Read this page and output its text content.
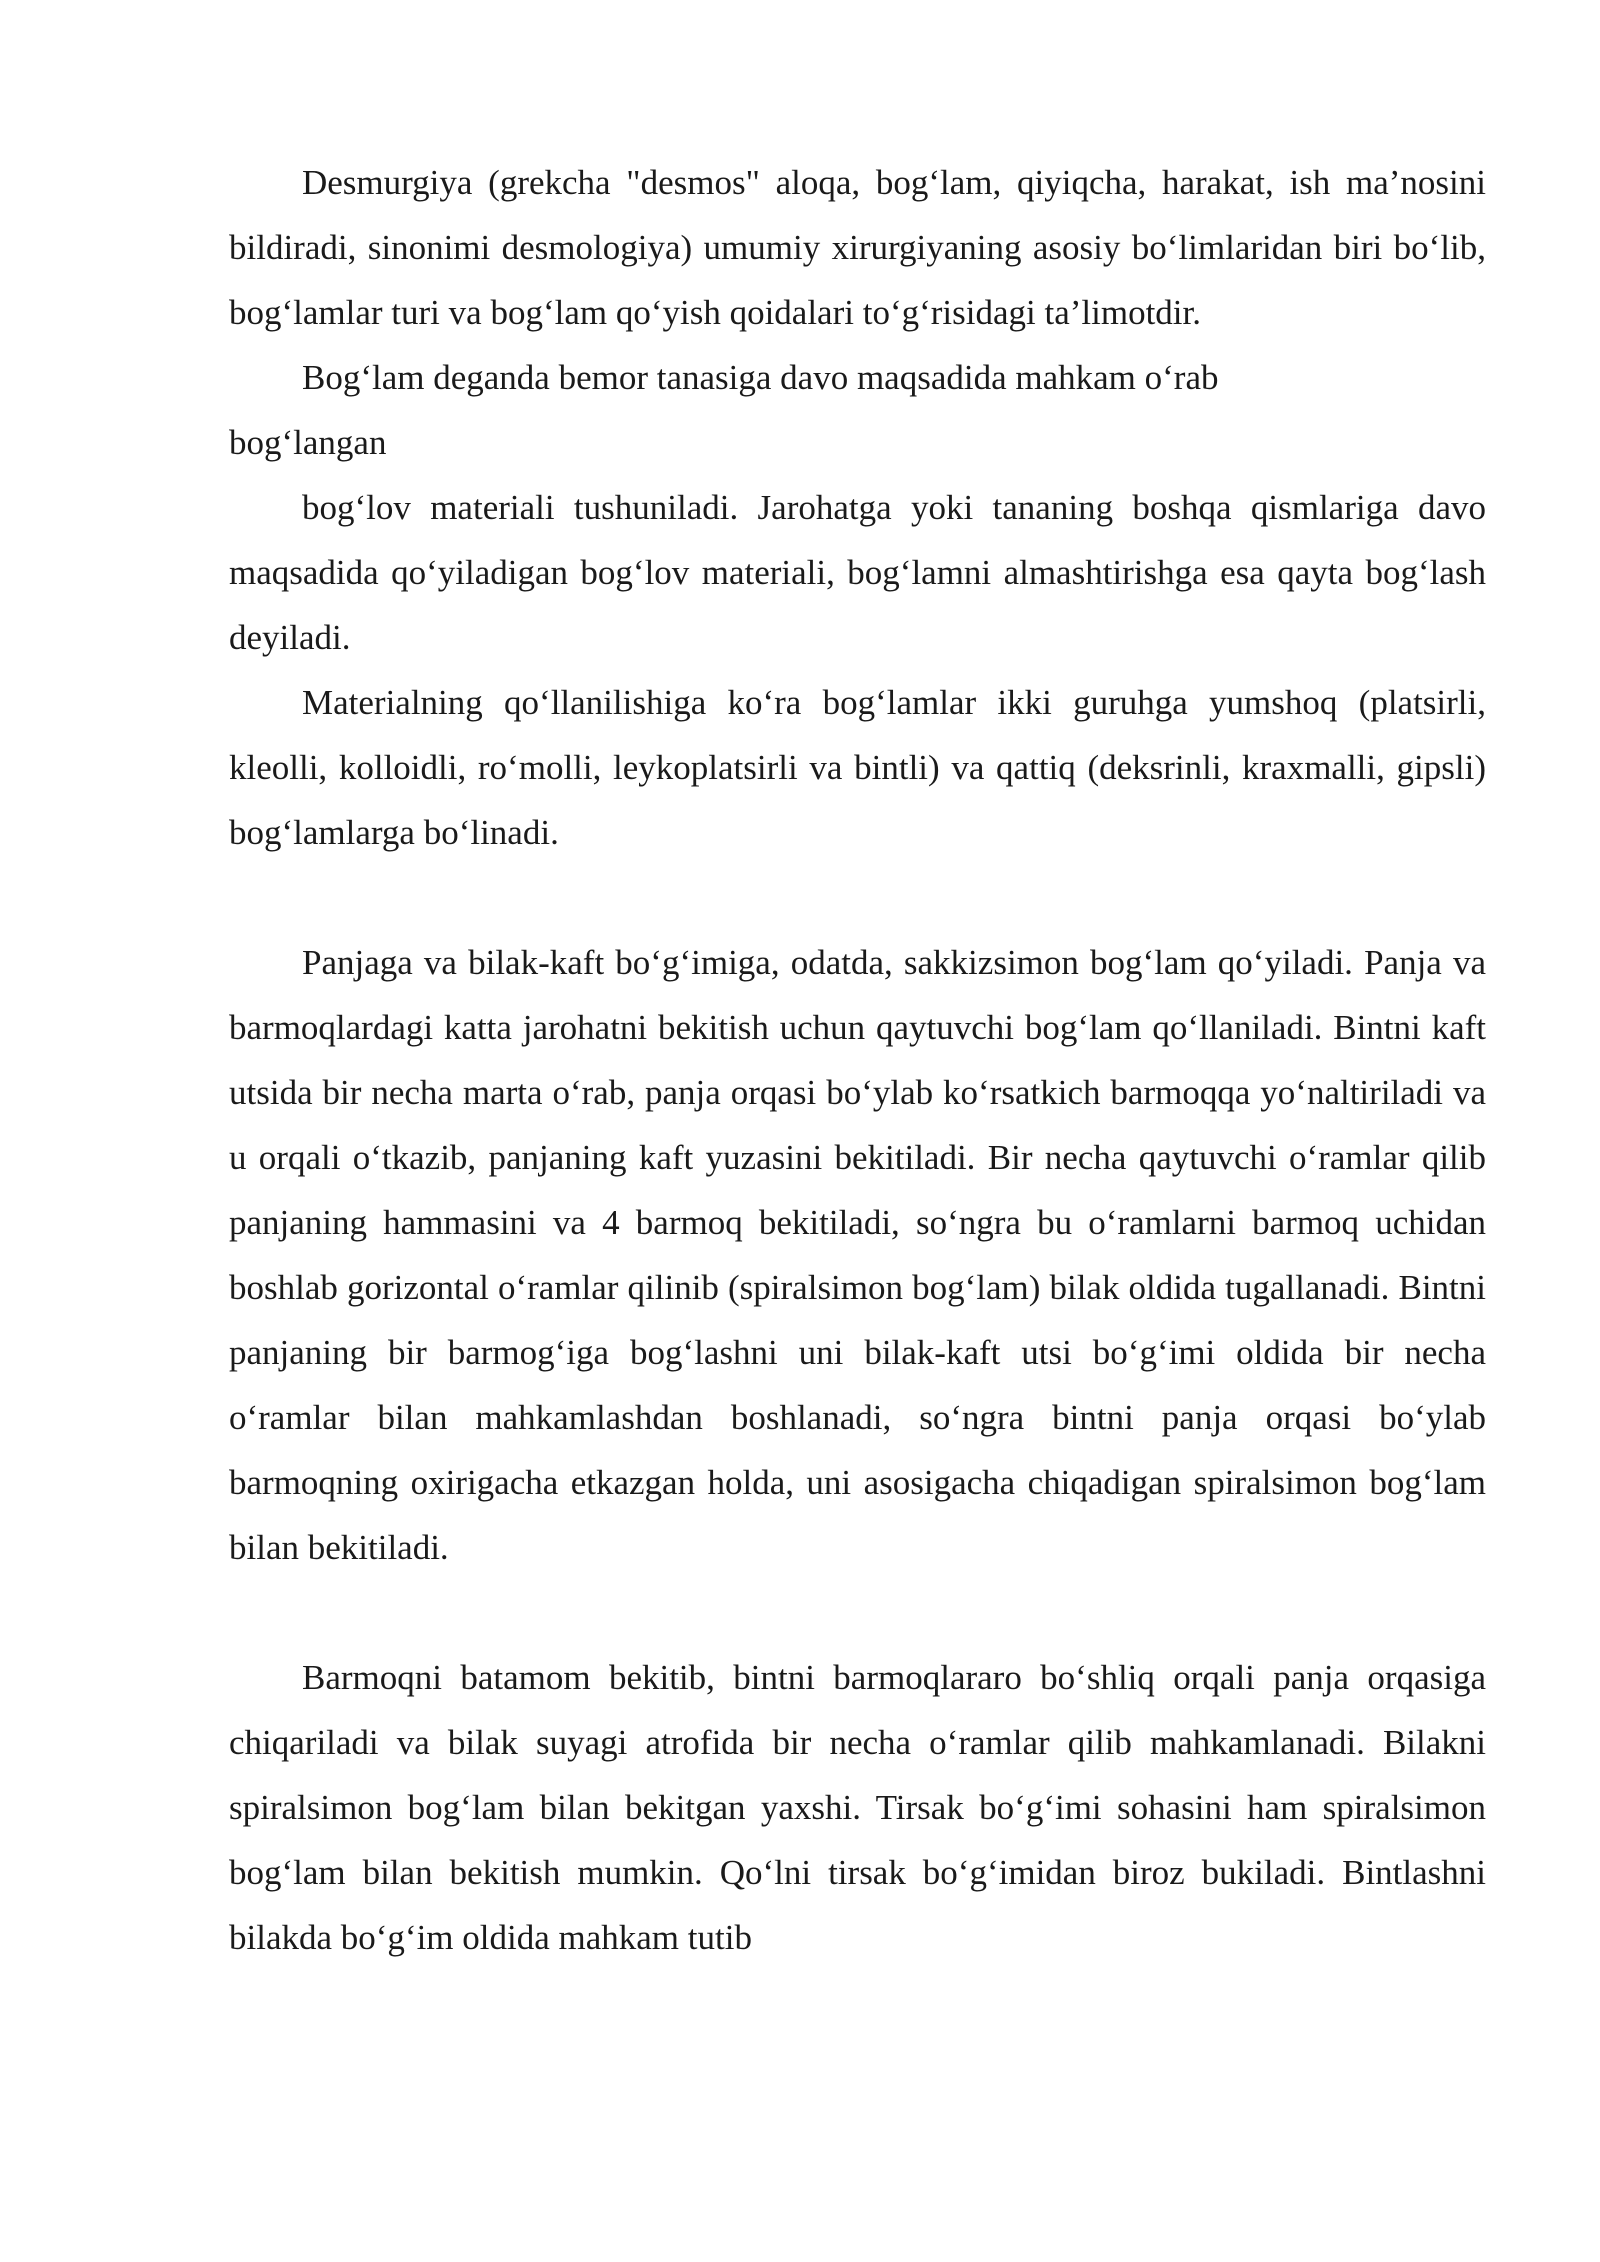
Desmurgiya (grekcha "desmos" aloqa, bog‘lam, qiyiqcha, harakat, ish ma’nosini bildiradi, sinonimi desmologiya) umumiy xirurgiyaning asosiy bo‘limlaridan biri bo‘lib, bog‘lamlar turi va bog‘lam qo‘yish qoidalari to‘g‘risidagi ta’limotdir.

Bog‘lam deganda bemor tanasiga davo maqsadida mahkam o‘rab

bog‘langan

bog‘lov materiali tushuniladi. Jarohatga yoki tananing boshqa qismlariga davo maqsadida qo‘yiladigan bog‘lov materiali, bog‘lamni almashtirishga esa qayta bog‘lash deyiladi.

Materialning qo‘llanilishiga ko‘ra bog‘lamlar ikki guruhga yumshoq (platsirli, kleolli, kolloidli, ro‘molli, leykoplatsirli va bintli) va qattiq (deksrinli, kraxmalli, gipsli) bog‘lamlarga bo‘linadi.

Panjaga va bilak-kaft bo‘g‘imiga, odatda, sakkizsimon bog‘lam qo‘yiladi. Panja va barmoqlardagi katta jarohatni bekitish uchun qaytuvchi bog‘lam qo‘llaniladi. Bintni kaft utsida bir necha marta o‘rab, panja orqasi bo‘ylab ko‘rsatkich barmoqqa yo‘naltiriladi va u orqali o‘tkazib, panjaning kaft yuzasini bekitiladi. Bir necha qaytuvchi o‘ramlar qilib panjaning hammasini va 4 barmoq bekitiladi, so‘ngra bu o‘ramlarni barmoq uchidan boshlab gorizontal o‘ramlar qilinib (spiralsimon bog‘lam) bilak oldida tugallanadi. Bintni panjaning bir barmog‘iga bog‘lashni uni bilak-kaft utsi bo‘g‘imi oldida bir necha o‘ramlar bilan mahkamlashdan boshlanadi, so‘ngra bintni panja orqasi bo‘ylab barmoqning oxirigacha etkazgan holda, uni asosigacha chiqadigan spiralsimon bog‘lam bilan bekitiladi.

Barmoqni batamom bekitib, bintni barmoqlararo bo‘shliq orqali panja orqasiga chiqariladi va bilak suyagi atrofida bir necha o‘ramlar qilib mahkamlanadi. Bilakni spiralsimon bog‘lam bilan bekitgan yaxshi. Tirsak bo‘g‘imi sohasini ham spiralsimon bog‘lam bilan bekitish mumkin. Qo‘lni tirsak bo‘g‘imidan biroz bukiladi. Bintlashni bilakda bo‘g‘im oldida mahkam tutib
